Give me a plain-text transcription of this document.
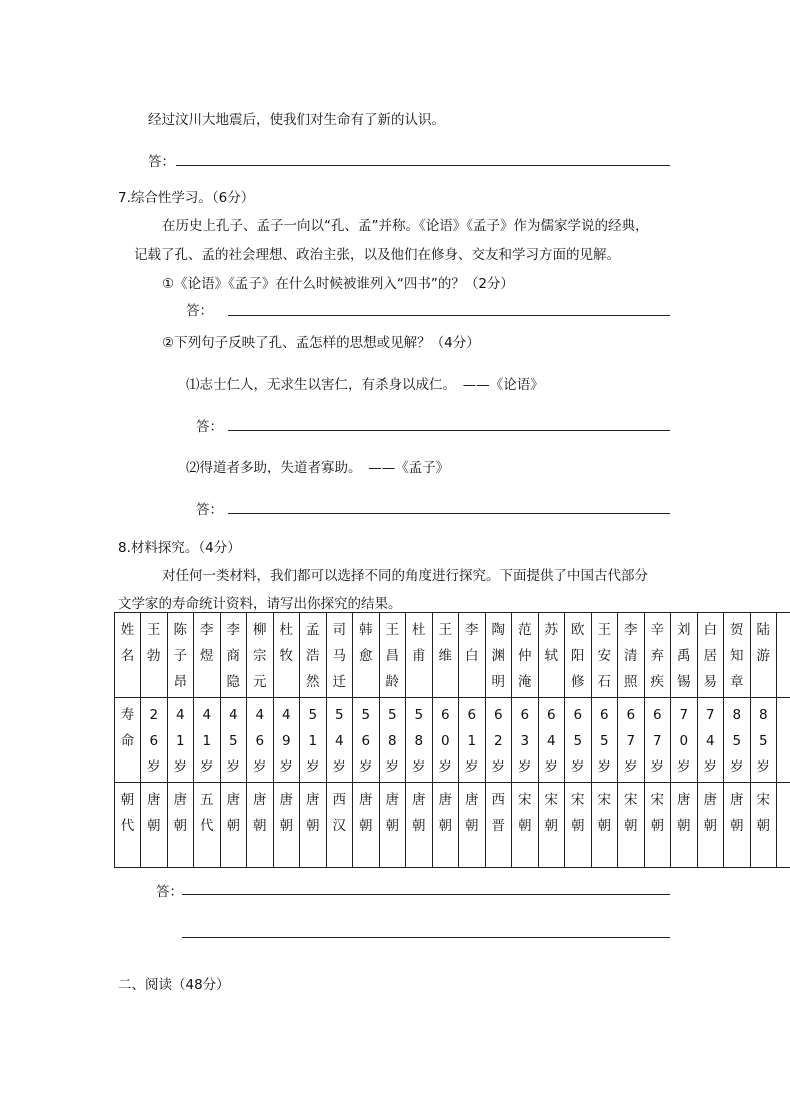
经过汶川大地震后，使我们对生命有了新的认识。
答：
7.综合性学习。（6分）
在历史上孔子、孟子一向以“孔、孟”并称。《论语》《孟子》作为儒家学说的经典，
记载了孔、孟的社会理想、政治主张，以及他们在修身、交友和学习方面的见解。
①《论语》《孟子》在什么时候被谁列入“四书”的？（2分）
答：
②下列句子反映了孔、孟怎样的思想或见解？（4分）
⑴志士仁人，无求生以害仁，有杀身以成仁。　——《论语》
答：
⑵得道者多助，失道者寡助。　——《孟子》
答：
8.材料探究。（4分）
对任何一类材料，我们都可以选择不同的角度进行探究。下面提供了中国古代部分
文学家的寿命统计资料，请写出你探究的结果。
姓名	王勃	陈子昂	李煜	李商隐	柳宗元	杜牧	孟浩然	司马迁	韩愈	王昌龄	杜甫	王维	李白	陶渊明	范仲淹	苏轼	欧阳修	王安石	李清照	辛弃疾	刘禹锡	白居易	贺知章	陆游	

寿命	26岁	41岁	41岁	45岁	46岁	49岁	51岁	54岁	56岁	58岁	58岁	60岁	61岁	62岁	63岁	64岁	65岁	65岁	67岁	67岁	70岁	74岁	85岁	85岁	

朝代	唐朝	唐朝	五代	唐朝	唐朝	唐朝	唐朝	西汉	唐朝	唐朝	唐朝	唐朝	唐朝	西晋	宋朝	宋朝	宋朝	宋朝	宋朝	宋朝	唐朝	唐朝	唐朝	宋朝	

答：
二、阅读（48分）
